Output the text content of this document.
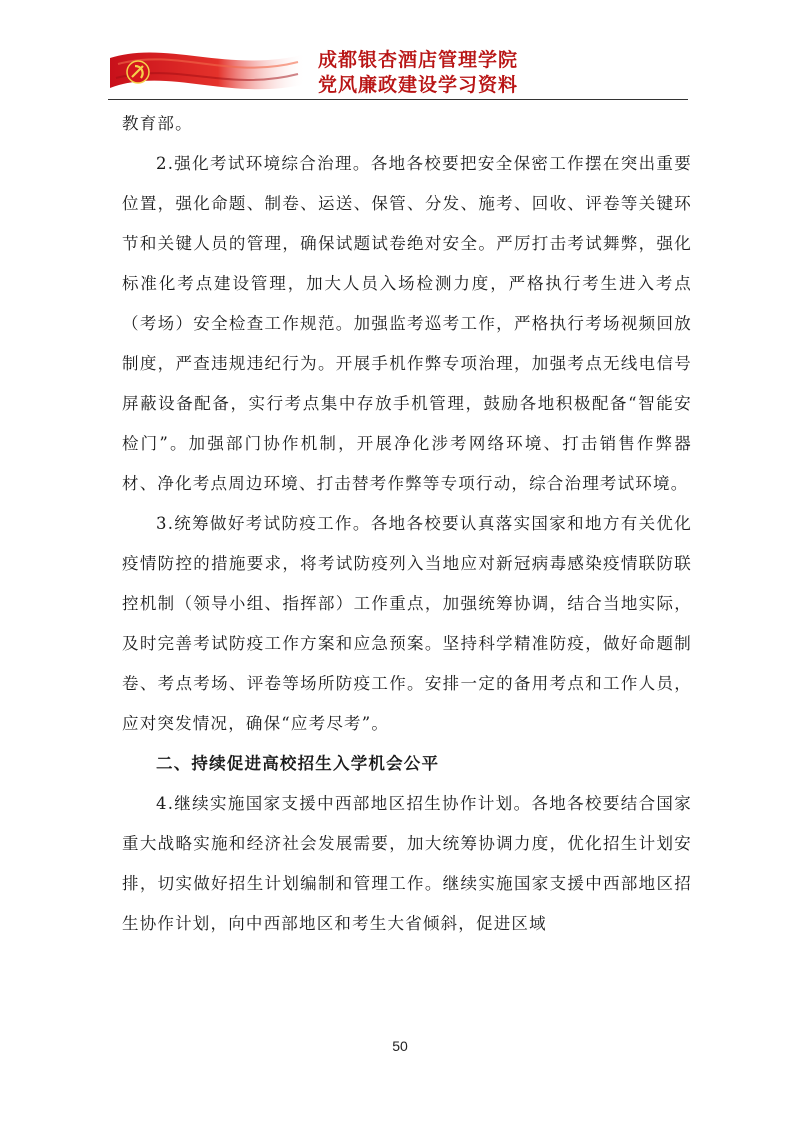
成都银杏酒店管理学院
党风廉政建设学习资料

教育部。

2.强化考试环境综合治理。各地各校要把安全保密工作摆在突出重要位置，强化命题、制卷、运送、保管、分发、施考、回收、评卷等关键环节和关键人员的管理，确保试题试卷绝对安全。严厉打击考试舞弊，强化标准化考点建设管理，加大人员入场检测力度，严格执行考生进入考点（考场）安全检查工作规范。加强监考巡考工作，严格执行考场视频回放制度，严查违规违纪行为。开展手机作弊专项治理，加强考点无线电信号屏蔽设备配备，实行考点集中存放手机管理，鼓励各地积极配备“智能安检门”。加强部门协作机制，开展净化涉考网络环境、打击销售作弊器材、净化考点周边环境、打击替考作弊等专项行动，综合治理考试环境。

3.统筹做好考试防疫工作。各地各校要认真落实国家和地方有关优化疫情防控的措施要求，将考试防疫列入当地应对新冠病毒感染疫情联防联控机制（领导小组、指挥部）工作重点，加强统筹协调，结合当地实际，及时完善考试防疫工作方案和应急预案。坚持科学精准防疫，做好命题制卷、考点考场、评卷等场所防疫工作。安排一定的备用考点和工作人员，应对突发情况，确保“应考尽考”。

二、持续促进高校招生入学机会公平

4.继续实施国家支援中西部地区招生协作计划。各地各校要结合国家重大战略实施和经济社会发展需要，加大统筹协调力度，优化招生计划安排，切实做好招生计划编制和管理工作。继续实施国家支援中西部地区招生协作计划，向中西部地区和考生大省倾斜，促进区域

50
